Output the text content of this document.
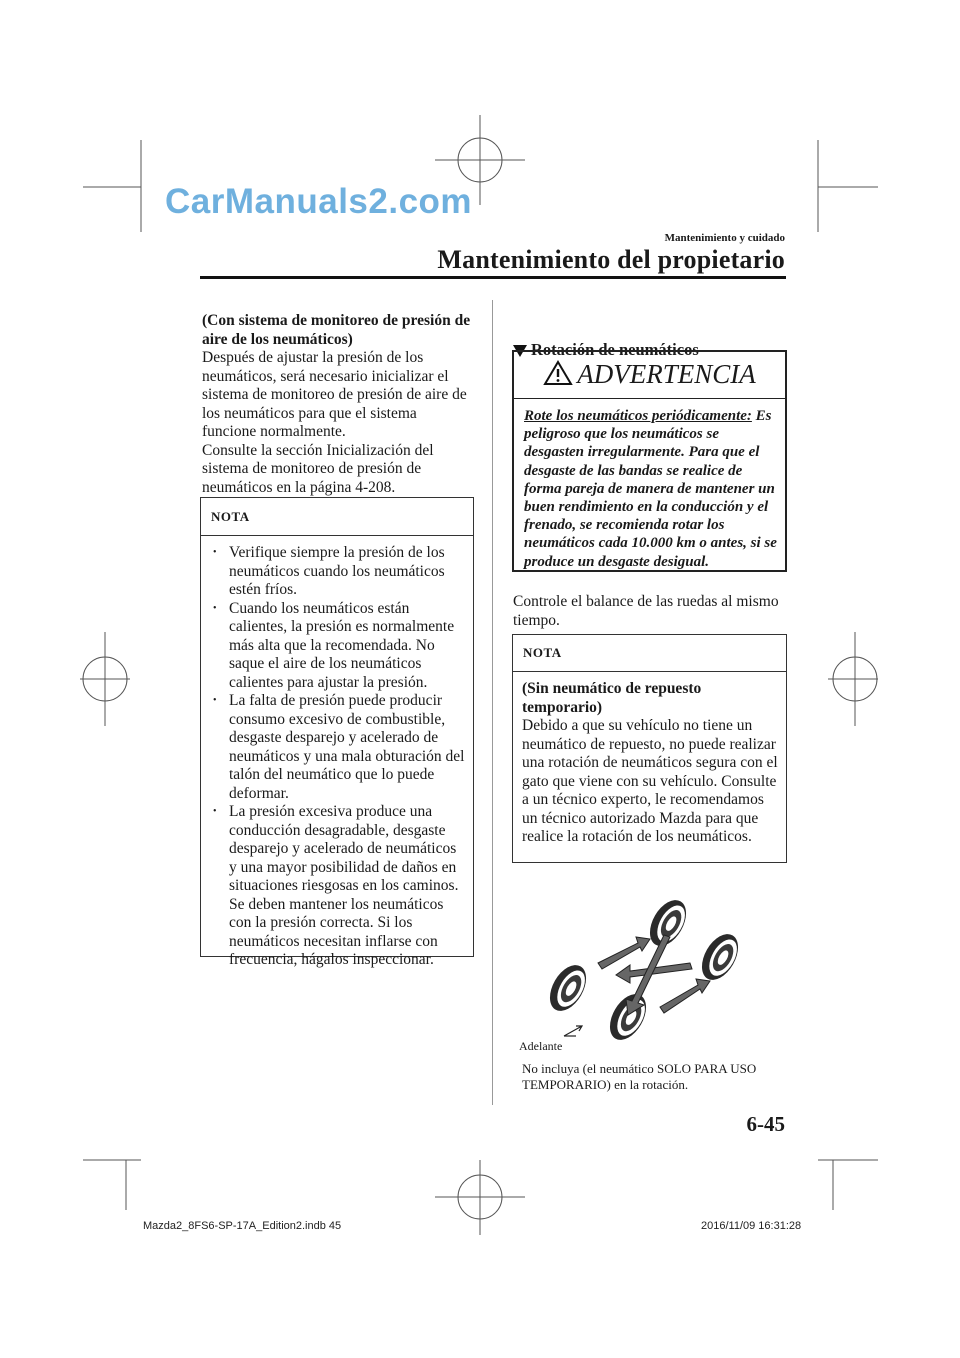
CarManuals2.com
Mantenimiento y cuidado
Mantenimiento del propietario

(Con sistema de monitoreo de presión de aire de los neumáticos)

Después de ajustar la presión de los neumáticos, será necesario inicializar el sistema de monitoreo de presión de aire de los neumáticos para que el sistema funcione normalmente.

Consulte la sección Inicialización del sistema de monitoreo de presión de neumáticos en la página 4-208.

NOTA
• Verifique siempre la presión de los neumáticos cuando los neumáticos estén fríos.
• Cuando los neumáticos están calientes, la presión es normalmente más alta que la recomendada. No saque el aire de los neumáticos calientes para ajustar la presión.
• La falta de presión puede producir consumo excesivo de combustible, desgaste desparejo y acelerado de neumáticos y una mala obturación del talón del neumático que lo puede deformar.
• La presión excesiva produce una conducción desagradable, desgaste desparejo y acelerado de neumáticos y una mayor posibilidad de daños en situaciones riesgosas en los caminos. Se deben mantener los neumáticos con la presión correcta. Si los neumáticos necesitan inflarse con frecuencia, hágalos inspeccionar.
Rotación de neumáticos
ADVERTENCIA
Rote los neumáticos periódicamente: Es peligroso que los neumáticos se desgasten irregularmente. Para que el desgaste de las bandas se realice de forma pareja de manera de mantener un buen rendimiento en la conducción y el frenado, se recomienda rotar los neumáticos cada 10.000 km o antes, si se produce un desgaste desigual.
Controle el balance de las ruedas al mismo tiempo.
NOTA
(Sin neumático de repuesto temporario)
Debido a que su vehículo no tiene un neumático de repuesto, no puede realizar una rotación de neumáticos segura con el gato que viene con su vehículo. Consulte a un técnico experto, le recomendamos un técnico autorizado Mazda para que realice la rotación de los neumáticos.
Adelante
No incluya (el neumático SOLO PARA USO TEMPORARIO) en la rotación.
6-45
Mazda2_8FS6-SP-17A_Edition2.indb 45	2016/11/09 16:31:28
